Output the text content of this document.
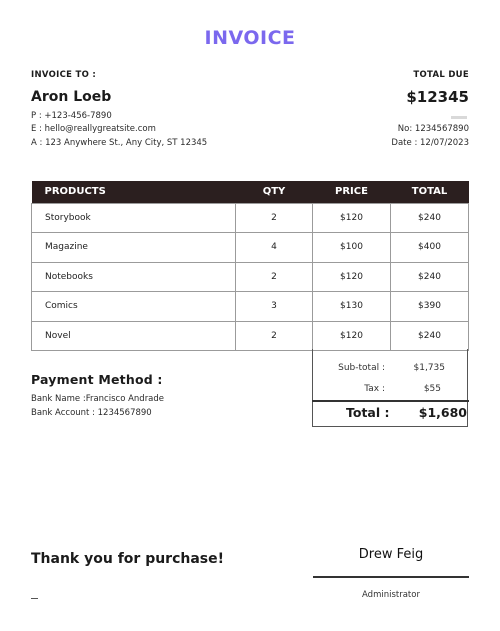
INVOICE
INVOICE TO :
Aron Loeb
P : +123-456-7890
E : hello@reallygreatsite.com
A : 123 Anywhere St., Any City, ST 12345
TOTAL DUE
$12345
No: 1234567890
Date : 12/07/2023
PRODUCTS	QTY	PRICE	TOTAL
Storybook	2	$120	$240
Magazine	4	$100	$400
Notebooks	2	$120	$240
Comics	3	$130	$390
Novel	2	$120	$240
Sub-total :	$1,735
Tax :	$55
Total : $1,680
Payment Method :
Bank Name :Francisco Andrade
Bank Account : 1234567890
Thank you for purchase!	Drew Feig
Administrator
